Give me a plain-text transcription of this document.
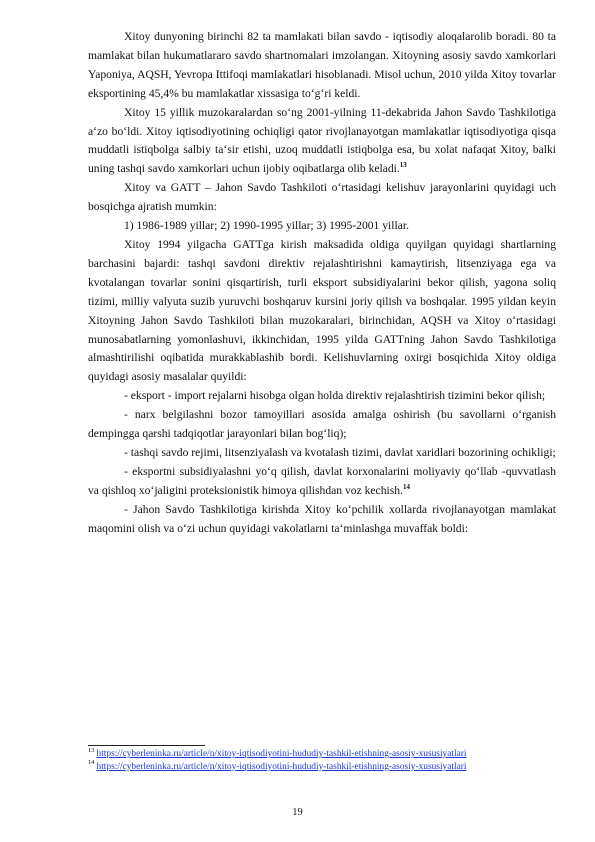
Xitoy dunyoning birinchi 82 ta mamlakati bilan savdo - iqtisodiy aloqalarolib boradi. 80 ta mamlakat bilan hukumatlararo savdo shartnomalari imzolangan. Xitoyning asosiy savdo xamkorlari Yaponiya, AQSH, Yevropa Ittifoqi mamlakatlari hisoblanadi. Misol uchun, 2010 yilda Xitoy tovarlar eksportining 45,4% bu mamlakatlar xissasiga to‘g‘ri keldi.

Xitoy 15 yillik muzokaralardan so‘ng 2001-yilning 11-dekabrida Jahon Savdo Tashkilotiga a‘zo bo‘ldi. Xitoy iqtisodiyotining ochiqligi qator rivojlanayotgan mamlakatlar iqtisodiyotiga qisqa muddatli istiqbolga salbiy ta‘sir etishi, uzoq muddatli istiqbolga esa, bu xolat nafaqat Xitoy, balki uning tashqi savdo xamkorlari uchun ijobiy oqibatlarga olib keladi.$^{13}$

Xitoy va GATT – Jahon Savdo Tashkiloti o‘rtasidagi kelishuv jarayonlarini quyidagi uch bosqichga ajratish mumkin:

1) 1986-1989 yillar; 2) 1990-1995 yillar; 3) 1995-2001 yillar.

Xitoy 1994 yilgacha GATTga kirish maksadida oldiga quyilgan quyidagi shartlarning barchasini bajardi: tashqi savdoni direktiv rejalashtirishni kamaytirish, litsenziyaga ega va kvotalangan tovarlar sonini qisqartirish, turli eksport subsidiyalarini bekor qilish, yagona soliq tizimi, milliy valyuta suzib yuruvchi boshqaruv kursini joriy qilish va boshqalar. 1995 yildan keyin Xitoyning Jahon Savdo Tashkiloti bilan muzokaralari, birinchidan, AQSH va Xitoy o‘rtasidagi munosabatlarning yomonlashuvi, ikkinchidan, 1995 yilda GATTning Jahon Savdo Tashkilotiga almashtirilishi oqibatida murakkablashib bordi. Kelishuvlarning oxirgi bosqichida Xitoy oldiga quyidagi asosiy masalalar quyildi:

- eksport - import rejalarni hisobga olgan holda direktiv rejalashtirish tizimini bekor qilish;

- narx belgilashni bozor tamoyillari asosida amalga oshirish (bu savollarni o‘rganish dempingga qarshi tadqiqotlar jarayonlari bilan bog‘liq);

- tashqi savdo rejimi, litsenziyalash va kvotalash tizimi, davlat xaridlari bozorining ochikligi;

- eksportni subsidiyalashni yo‘q qilish, davlat korxonalarini moliyaviy qo‘llab -quvvatlash va qishloq xo‘jaligini proteksionistik himoya qilishdan voz kechish.$^{14}$

- Jahon Savdo Tashkilotiga kirishda Xitoy ko‘pchilik xollarda rivojlanayotgan mamlakat maqomini olish va o‘zi uchun quyidagi vakolatlarni ta‘minlashga muvaffak boldi:

$^{13}$ https://cyberleninka.ru/article/n/xitoy-iqtisodiyotini-hududiy-tashkil-etishning-asosiy-xususiyatlari

$^{14}$ https://cyberleninka.ru/article/n/xitoy-iqtisodiyotini-hududiy-tashkil-etishning-asosiy-xususiyatlari

19
